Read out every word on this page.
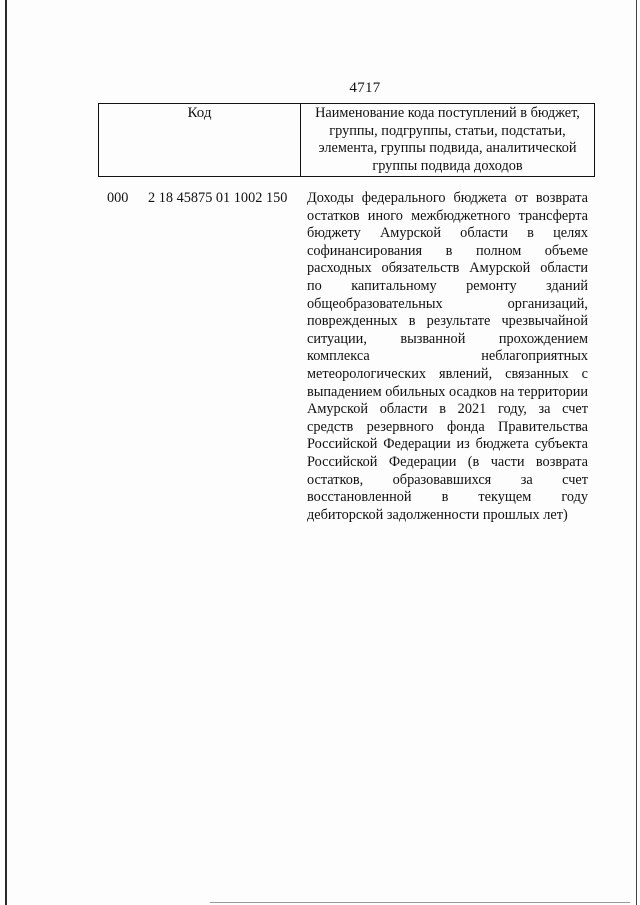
4717
Код	Наименование кода поступлений в бюджет, группы, подгруппы, статьи, подстатьи, элемента, группы подвида, аналитической группы подвида доходов
000 2 18 45875 01 1002 150 Доходы федерального бюджета от возврата
остатков иного межбюджетного трансферта
бюджету Амурской области в целях
софинансирования в полном объеме
расходных обязательств Амурской области
по капитальному ремонту зданий
общеобразовательных организаций,
поврежденных в результате чрезвычайной
ситуации, вызванной прохождением
комплекса неблагоприятных
метеорологических явлений, связанных с
выпадением обильных осадков на территории
Амурской области в 2021 году, за счет
средств резервного фонда Правительства
Российской Федерации из бюджета субъекта
Российской Федерации (в части возврата
остатков, образовавшихся за счет
восстановленной в текущем году
дебиторской задолженности прошлых лет)
